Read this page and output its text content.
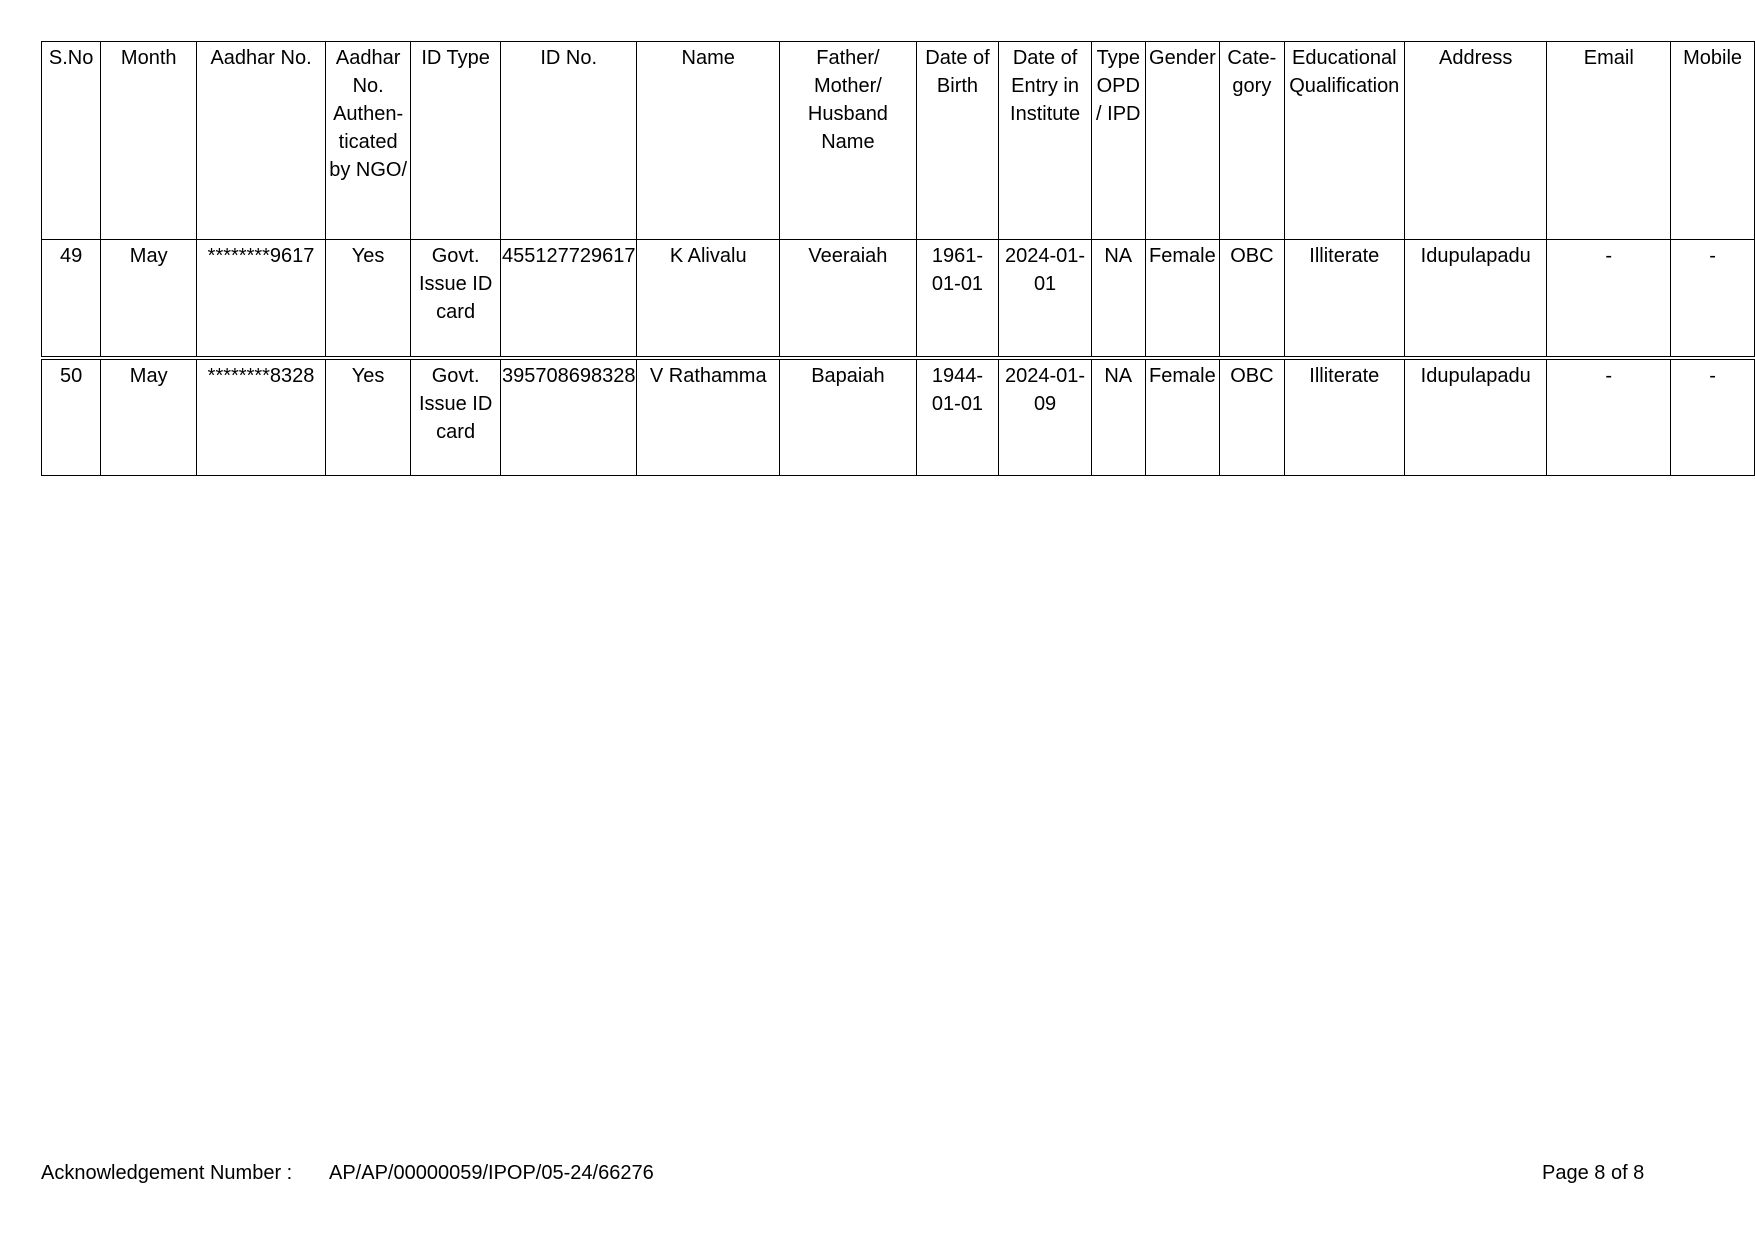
S.No	Month	Aadhar No.	Aadhar No. Authen-ticated by NGO/	ID Type	ID No.	Name	Father/ Mother/ Husband Name	Date of Birth	Date of Entry in Institute	Type OPD / IPD	Gender	Cate-gory	Educational Qualification	Address	Email	Mobile

49	May	********9617	Yes	Govt. Issue ID card	455127729617	K Alivalu	Veeraiah	1961-01-01	2024-01-01	NA	Female	OBC	Illiterate	Idupulapadu	-	-

50	May	********8328	Yes	Govt. Issue ID card	395708698328	V Rathamma	Bapaiah	1944-01-01	2024-01-09	NA	Female	OBC	Illiterate	Idupulapadu	-	-
Acknowledgement Number : AP/AP/00000059/IPOP/05-24/66276	Page 8 of 8
